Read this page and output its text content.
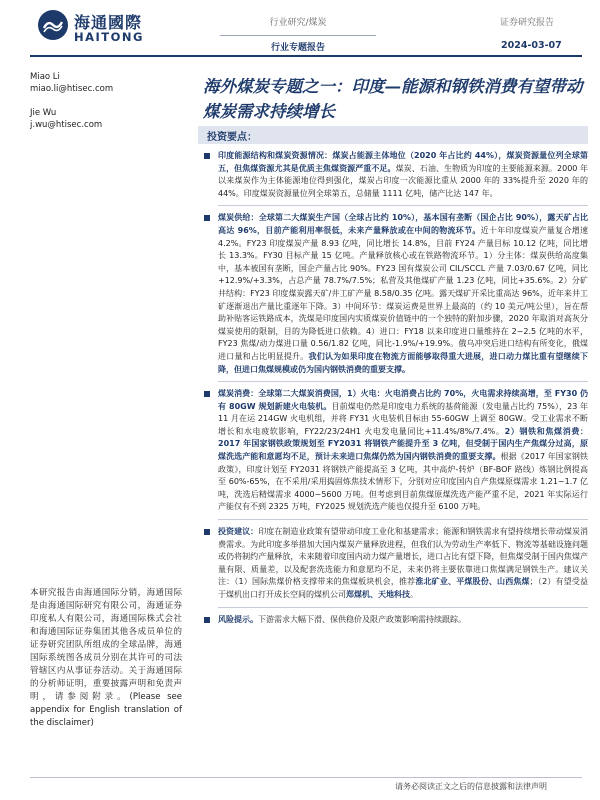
海通國際
HAITONG
行业研究/煤炭
行业专题报告
证券研究报告
2024-03-07
Miao Li
miao.li@htisec.com
Jie Wu
j.wu@htisec.com
海外煤炭专题之一：印度—能源和钢铁消费有望带动煤炭需求持续增长
投资要点：
印度能源结构和煤炭资源情况：煤炭占能源主体地位（2020 年占比约 44%），煤炭资源量位列全球第五，但焦煤资源尤其是优质主焦煤资源严重不足。煤炭、石油、生物质为印度的主要能源来源。2000 年以来煤炭作为主体能源地位得到强化，煤炭占印度一次能源比重从 2000 年的 33%提升至 2020 年的 44%。印度煤炭资源量位列全球第五，总储量 1111 亿吨，储产比达 147 年。
煤炭供给：全球第二大煤炭生产国（全球占比约 10%），基本国有垄断（国企占比 90%），露天矿占比高达 96%，目前产能利用率很低，未来产量释放或在中间的物流环节。近十年印度煤炭产量复合增速 4.2%。FY23 印度煤炭产量 8.93 亿吨，同比增长 14.8%，目前 FY24 产量目标 10.12 亿吨，同比增长 13.3%。FY30 目标产量 15 亿吨。产量释放核心或在铁路物流环节。1）分主体：煤炭供给高度集中，基本被国有垄断，国企产量占比 90%。FY23 国有煤炭公司 CIL/SCCL 产量 7.03/0.67 亿吨，同比+12.9%/+3.3%，占总产量 78.7%/7.5%；私营及其他煤矿产量 1.23 亿吨，同比+35.6%。2）分矿井结构：FY23 印度煤炭露天矿/井工矿产量 8.58/0.35 亿吨。露天煤矿开采比重高达 96%，近年来井工矿逐渐退出产量比重逐年下降。3）中间环节：煤炭运费是世界上最高的（约 10 美元/吨公里），旨在帮助补贴客运铁路成本，洗煤是印度国内实质煤炭价值链中的一个独特的附加步骤，2020 年取消对高灰分煤炭使用的限制，目的为降低进口依赖。4）进口：FY18 以来印度进口量维持在 2~2.5 亿吨的水平，FY23 焦煤/动力煤进口量 0.56/1.82 亿吨，同比-1.9%/+19.9%。俄乌冲突后进口结构有所变化，俄煤进口量和占比明显提升。我们认为如果印度在物流方面能够取得重大进展，进口动力煤比重有望继续下降，但进口焦煤规模或仍为国内钢铁消费的重要支撑。
煤炭消费：全球第二大煤炭消费国，1）火电：火电消费占比约 70%，火电需求持续高增，至 FY30 仍有 80GW 规划新建火电装机。目前煤电仍然是印度电力系统的基荷能源（发电量占比约 75%），23 年 11 月在运 214GW 火电机组，并将 FY31 火电装机目标由 55-60GW 上调至 80GW。受工业需求不断增长和水电疲软影响，FY22/23/24H1 火电发电量同比+11.4%/8%/7.4%。2）钢铁和焦煤消费：2017 年国家钢铁政策规划至 FY2031 将钢铁产能提升至 3 亿吨，但受制于国内生产焦煤分过高，原煤洗选产能和意愿均不足，预计未来进口焦煤仍然为国内钢铁消费的重要支撑。根据《2017 年国家钢铁政策》，印度计划至 FY2031 将钢铁产能提高至 3 亿吨，其中高炉-转炉（BF-BOF 路线）炼钢比例提高至 60%-65%，在不采用/采用捣固炼焦技术情形下，分别对应印度国内自产焦煤原煤需求 1.21~1.7 亿吨，洗选后精煤需求 4000~5600 万吨。但考虑到目前焦煤原煤洗选产能严重不足，2021 年实际运行产能仅有不到 2325 万吨，FY2025 规划洗选产能也仅提升至 6100 万吨。
投资建议：印度在制造业政策有望带动印度工业化和基建需求；能源和钢铁需求有望持续增长带动煤炭消费需求。为此印度多举措加大国内煤炭产量释放进程，但我们认为劳动生产率低下、物流等基础设施问题或仍将制约产量释放，未来随着印度国内动力煤产量增长，进口占比有望下降，但焦煤受制于国内焦煤产量有限、质量差，以及配套洗选能力和意愿均不足，未来仍将主要依靠进口焦煤满足钢铁生产。建议关注：（1）国际焦煤价格支撑带来的焦煤板块机会，推荐淮北矿业、平煤股份、山西焦煤；（2）有望受益于煤机出口打开成长空间的煤机公司郑煤机、天地科技。
风险提示。下游需求大幅下滑、保供稳价及限产政策影响需持续跟踪。
本研究报告由海通国际分销，海通国际是由海通国际研究有限公司，海通证券印度私人有限公司，海通国际株式会社和海通国际证券集团其他各成员单位的证券研究团队所组成的全球品牌，海通国际系统图各成员分别在其许可的司法管辖区内从事证券活动。关于海通国际的分析师证明，重要披露声明和免责声明，请参阅附录。(Please see appendix for English translation of the disclaimer)
请务必阅读正文之后的信息披露和法律声明
